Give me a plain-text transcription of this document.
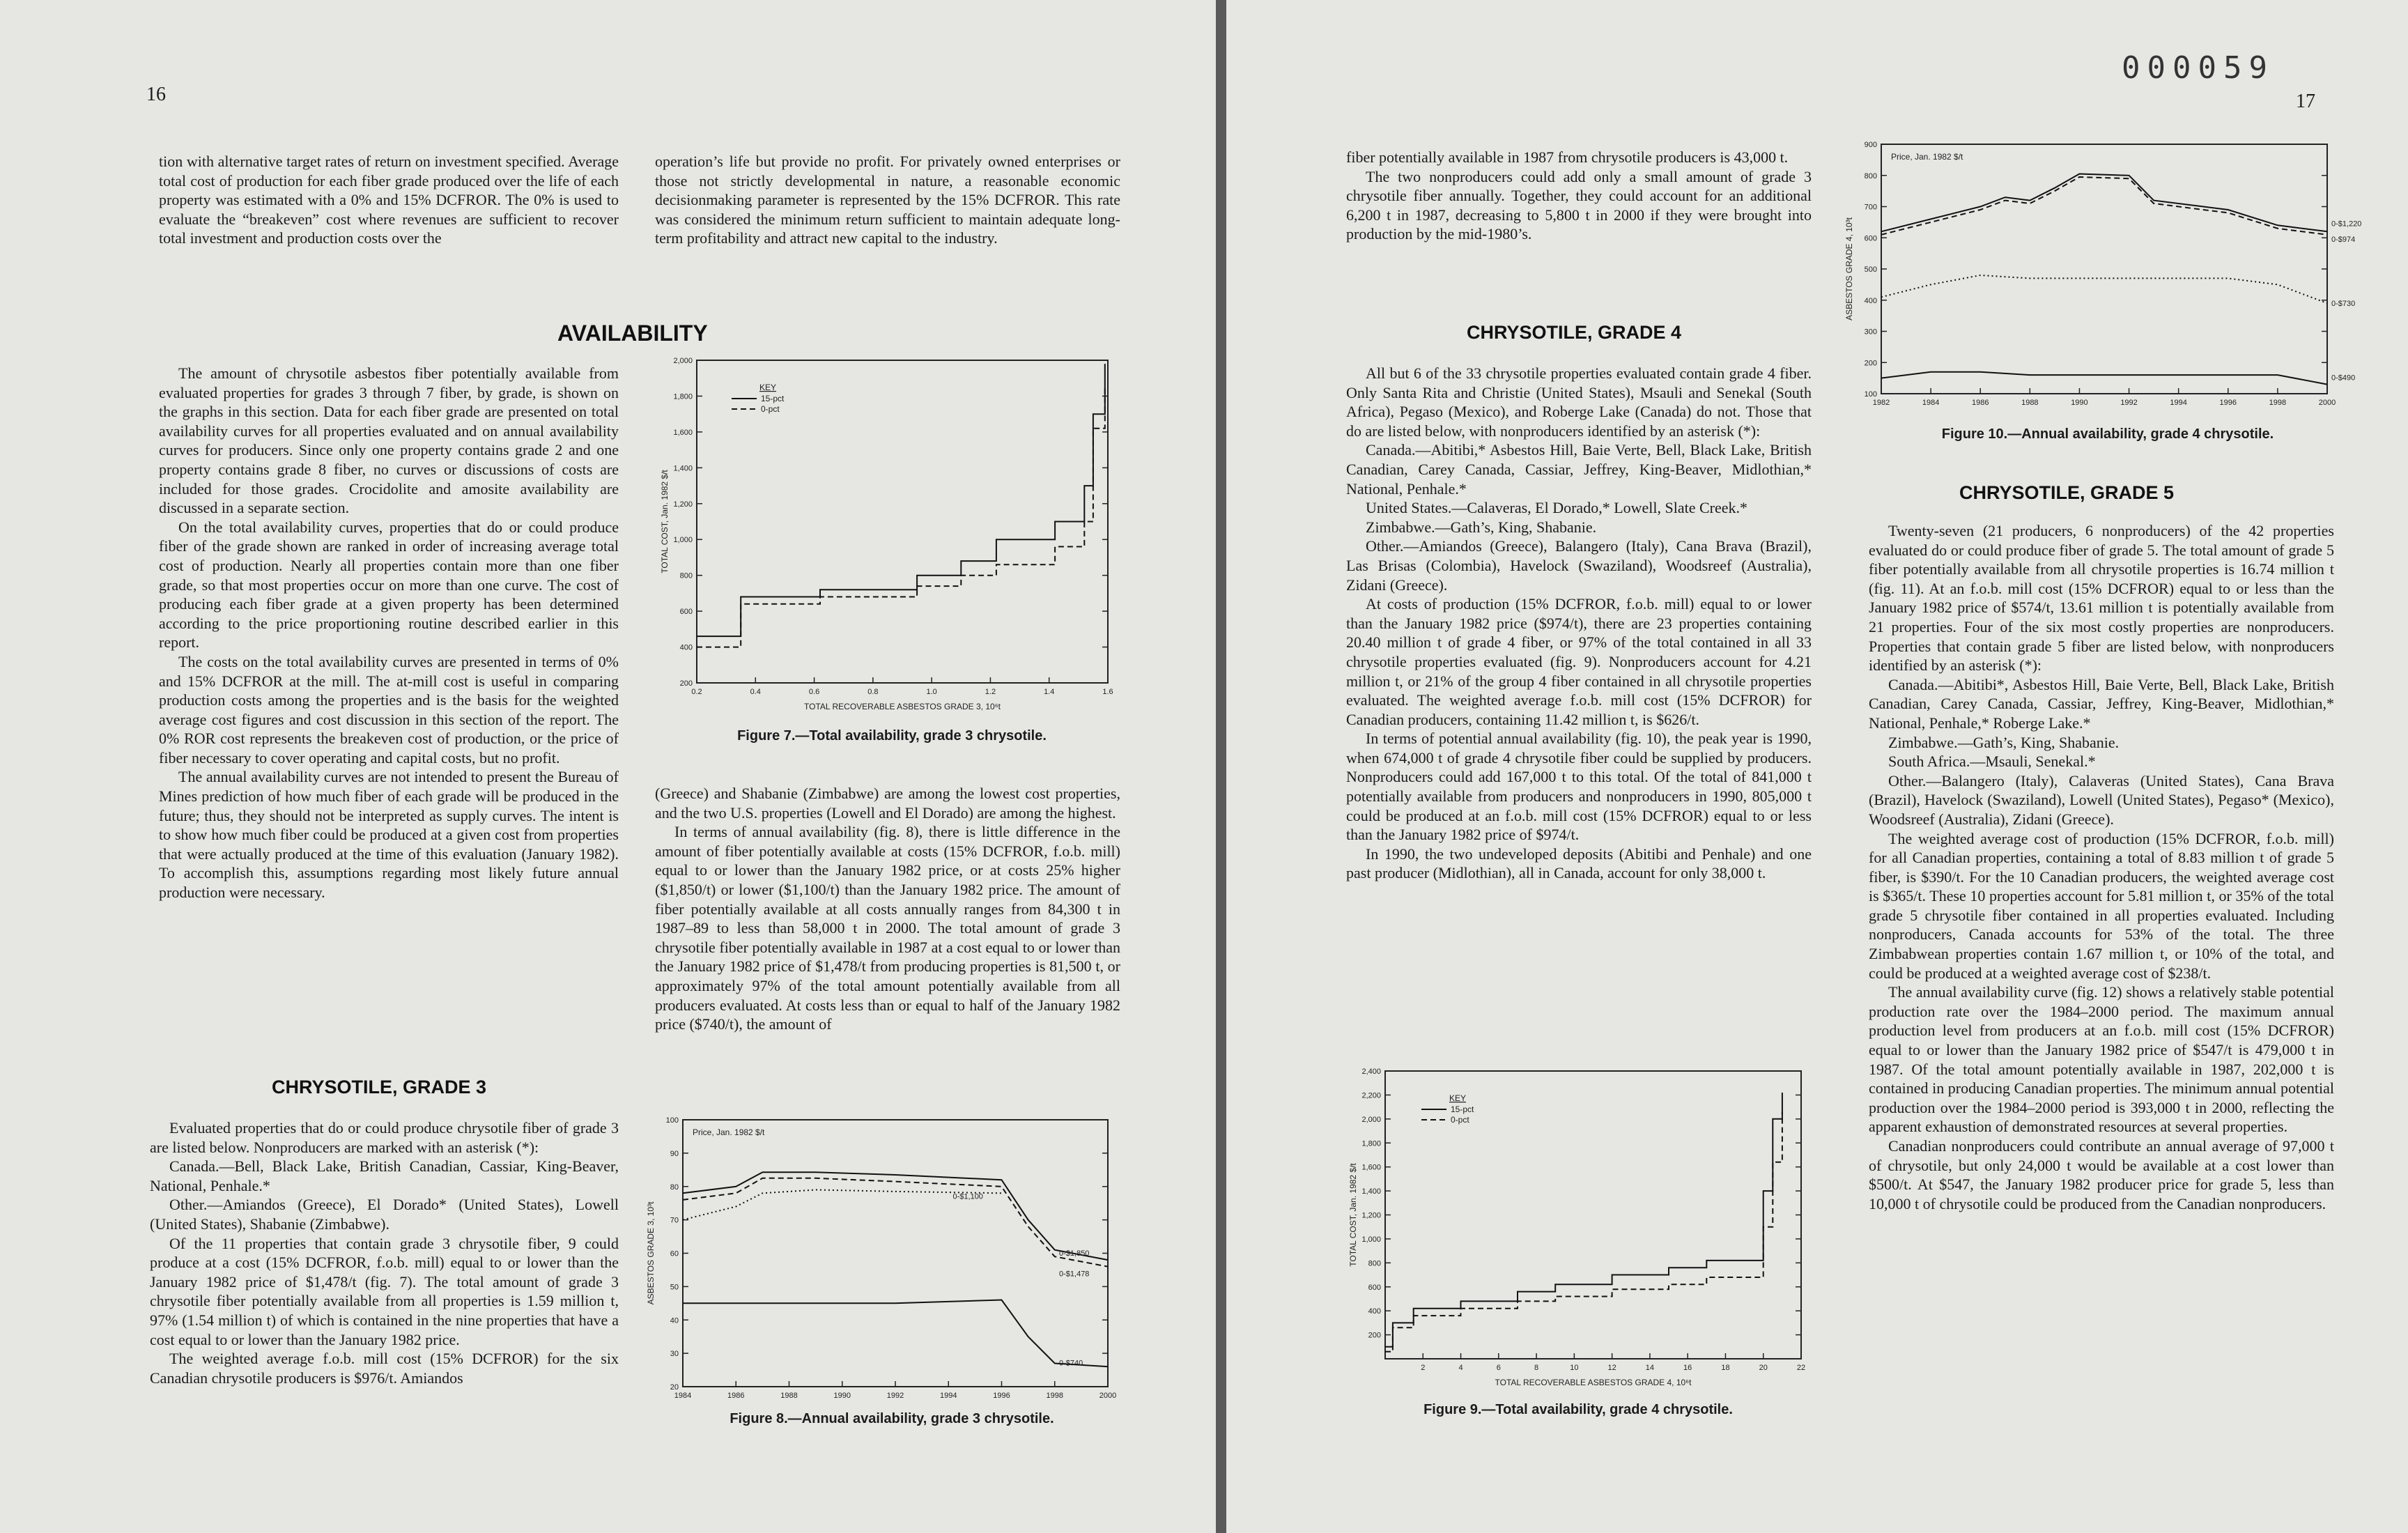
16

tion with alternative target rates of return on investment specified. Average total cost of production for each fiber grade produced over the life of each property was estimated with a 0% and 15% DCFROR. The 0% is used to evaluate the “breakeven” cost where revenues are sufficient to recover total investment and production costs over the

operation’s life but provide no profit. For privately owned enterprises or those not strictly developmental in nature, a reasonable economic decisionmaking parameter is represented by the 15% DCFROR. This rate was considered the minimum return sufficient to maintain adequate long-term profitability and attract new capital to the industry.

AVAILABILITY

The amount of chrysotile asbestos fiber potentially available from evaluated properties for grades 3 through 7 fiber, by grade, is shown on the graphs in this section. Data for each fiber grade are presented on total availability curves for all properties evaluated and on annual availability curves for producers. Since only one property contains grade 2 and one property contains grade 8 fiber, no curves or discussions of costs are included for those grades. Crocidolite and amosite availability are discussed in a separate section.

On the total availability curves, properties that do or could produce fiber of the grade shown are ranked in order of increasing average total cost of production. Nearly all properties contain more than one fiber grade, so that most properties occur on more than one curve. The cost of producing each fiber grade at a given property has been determined according to the price proportioning routine described earlier in this report.

The costs on the total availability curves are presented in terms of 0% and 15% DCFROR at the mill. The at-mill cost is useful in comparing production costs among the properties and is the basis for the weighted average cost figures and cost discussion in this section of the report. The 0% ROR cost represents the breakeven cost of production, or the price of fiber necessary to cover operating and capital costs, but no profit.

The annual availability curves are not intended to present the Bureau of Mines prediction of how much fiber of each grade will be produced in the future; thus, they should not be interpreted as supply curves. The intent is to show how much fiber could be produced at a given cost from properties that were actually produced at the time of this evaluation (January 1982). To accomplish this, assumptions regarding most likely future annual production were necessary.

CHRYSOTILE, GRADE 3

Evaluated properties that do or could produce chrysotile fiber of grade 3 are listed below. Nonproducers are marked with an asterisk (*):

Canada.—Bell, Black Lake, British Canadian, Cassiar, King-Beaver, National, Penhale.*

Other.—Amiandos (Greece), El Dorado* (United States), Lowell (United States), Shabanie (Zimbabwe).

Of the 11 properties that contain grade 3 chrysotile fiber, 9 could produce at a cost (15% DCFROR, f.o.b. mill) equal to or lower than the January 1982 price of $1,478/t (fig. 7). The total amount of grade 3 chrysotile fiber potentially available from all properties is 1.59 million t, 97% (1.54 million t) of which is contained in the nine properties that have a cost equal to or lower than the January 1982 price.

The weighted average f.o.b. mill cost (15% DCFROR) for the six Canadian chrysotile producers is $976/t. Amiandos

200
400
600
800
1,000
1,200
1,400
1,600
1,800
2,000
0.2	0.4	0.6	0.8	1.0	1.2	1.4	1.6
TOTAL RECOVERABLE ASBESTOS GRADE 3, 10⁶t
TOTAL COST, Jan. 1982 $/t
KEY
15-pct
0-pct
Figure 7.—Total availability, grade 3 chrysotile.

(Greece) and Shabanie (Zimbabwe) are among the lowest cost properties, and the two U.S. properties (Lowell and El Dorado) are among the highest.

In terms of annual availability (fig. 8), there is little difference in the amount of fiber potentially available at costs (15% DCFROR, f.o.b. mill) equal to or lower than the January 1982 price, or at costs 25% higher ($1,850/t) or lower ($1,100/t) than the January 1982 price. The amount of fiber potentially available at all costs annually ranges from 84,300 t in 1987–89 to less than 58,000 t in 2000. The total amount of grade 3 chrysotile fiber potentially available in 1987 at a cost equal to or lower than the January 1982 price of $1,478/t from producing properties is 81,500 t, or approximately 97% of the total amount potentially available from all producers evaluated. At costs less than or equal to half of the January 1982 price ($740/t), the amount of

20
30
40
50
60
70
80
90
100
1984	1986	1988	1990	1992	1994	1996	1998	2000
ASBESTOS GRADE 3, 10³t
Price, Jan. 1982 $/t
0-$1,850
0-$1,478
0-$1,100
0-$740
Figure 8.—Annual availability, grade 3 chrysotile.
000059
17

fiber potentially available in 1987 from chrysotile producers is 43,000 t.

The two nonproducers could add only a small amount of grade 3 chrysotile fiber annually. Together, they could account for an additional 6,200 t in 1987, decreasing to 5,800 t in 2000 if they were brought into production by the mid-1980’s.

CHRYSOTILE, GRADE 4

All but 6 of the 33 chrysotile properties evaluated contain grade 4 fiber. Only Santa Rita and Christie (United States), Msauli and Senekal (South Africa), Pegaso (Mexico), and Roberge Lake (Canada) do not. Those that do are listed below, with nonproducers identified by an asterisk (*):

Canada.—Abitibi,* Asbestos Hill, Baie Verte, Bell, Black Lake, British Canadian, Carey Canada, Cassiar, Jeffrey, King-Beaver, Midlothian,* National, Penhale.*

United States.—Calaveras, El Dorado,* Lowell, Slate Creek.*

Zimbabwe.—Gath’s, King, Shabanie.

Other.—Amiandos (Greece), Balangero (Italy), Cana Brava (Brazil), Las Brisas (Colombia), Havelock (Swaziland), Woodsreef (Australia), Zidani (Greece).

At costs of production (15% DCFROR, f.o.b. mill) equal to or lower than the January 1982 price ($974/t), there are 23 properties containing 20.40 million t of grade 4 fiber, or 97% of the total contained in all 33 chrysotile properties evaluated (fig. 9). Nonproducers account for 4.21 million t, or 21% of the group 4 fiber contained in all chrysotile properties evaluated. The weighted average f.o.b. mill cost (15% DCFROR) for Canadian producers, containing 11.42 million t, is $626/t.

In terms of potential annual availability (fig. 10), the peak year is 1990, when 674,000 t of grade 4 chrysotile fiber could be supplied by producers. Nonproducers could add 167,000 t to this total. Of the total of 841,000 t potentially available from producers and nonproducers in 1990, 805,000 t could be produced at an f.o.b. mill cost (15% DCFROR) equal to or less than the January 1982 price of $974/t.

In 1990, the two undeveloped deposits (Abitibi and Penhale) and one past producer (Midlothian), all in Canada, account for only 38,000 t.

200
400
600
800
1,000
1,200
1,400
1,600
1,800
2,000
2,200
2,400
2	4	6	8	10	12	14	16	18	20	22
TOTAL RECOVERABLE ASBESTOS GRADE 4, 10⁶t
TOTAL COST, Jan. 1982 $/t
KEY
15-pct
0-pct
Figure 9.—Total availability, grade 4 chrysotile.
100
200
300
400
500
600
700
800
900
1982	1984	1986	1988	1990	1992	1994	1996	1998	2000
ASBESTOS GRADE 4, 10³t
Price, Jan. 1982 $/t
0-$1,220
0-$974
0-$730
0-$490
Figure 10.—Annual availability, grade 4 chrysotile.
CHRYSOTILE, GRADE 5

Twenty-seven (21 producers, 6 nonproducers) of the 42 properties evaluated do or could produce fiber of grade 5. The total amount of grade 5 fiber potentially available from all chrysotile properties is 16.74 million t (fig. 11). At an f.o.b. mill cost (15% DCFROR) equal to or less than the January 1982 price of $574/t, 13.61 million t is potentially available from 21 properties. Four of the six most costly properties are nonproducers. Properties that contain grade 5 fiber are listed below, with nonproducers identified by an asterisk (*):

Canada.—Abitibi*, Asbestos Hill, Baie Verte, Bell, Black Lake, British Canadian, Carey Canada, Cassiar, Jeffrey, King-Beaver, Midlothian,* National, Penhale,* Roberge Lake.*

Zimbabwe.—Gath’s, King, Shabanie.

South Africa.—Msauli, Senekal.*

Other.—Balangero (Italy), Calaveras (United States), Cana Brava (Brazil), Havelock (Swaziland), Lowell (United States), Pegaso* (Mexico), Woodsreef (Australia), Zidani (Greece).

The weighted average cost of production (15% DCFROR, f.o.b. mill) for all Canadian properties, containing a total of 8.83 million t of grade 5 fiber, is $390/t. For the 10 Canadian producers, the weighted average cost is $365/t. These 10 properties account for 5.81 million t, or 35% of the total grade 5 chrysotile fiber contained in all properties evaluated. Including nonproducers, Canada accounts for 53% of the total. The three Zimbabwean properties contain 1.67 million t, or 10% of the total, and could be produced at a weighted average cost of $238/t.

The annual availability curve (fig. 12) shows a relatively stable potential production rate over the 1984–2000 period. The maximum annual production level from producers at an f.o.b. mill cost (15% DCFROR) equal to or lower than the January 1982 price of $547/t is 479,000 t in 1987. Of the total amount potentially available in 1987, 202,000 t is contained in producing Canadian properties. The minimum annual potential production over the 1984–2000 period is 393,000 t in 2000, reflecting the apparent exhaustion of demonstrated resources at several properties.

Canadian nonproducers could contribute an annual average of 97,000 t of chrysotile, but only 24,000 t would be available at a cost lower than $500/t. At $547, the January 1982 producer price for grade 5, less than 10,000 t of chrysotile could be produced from the Canadian nonproducers.
